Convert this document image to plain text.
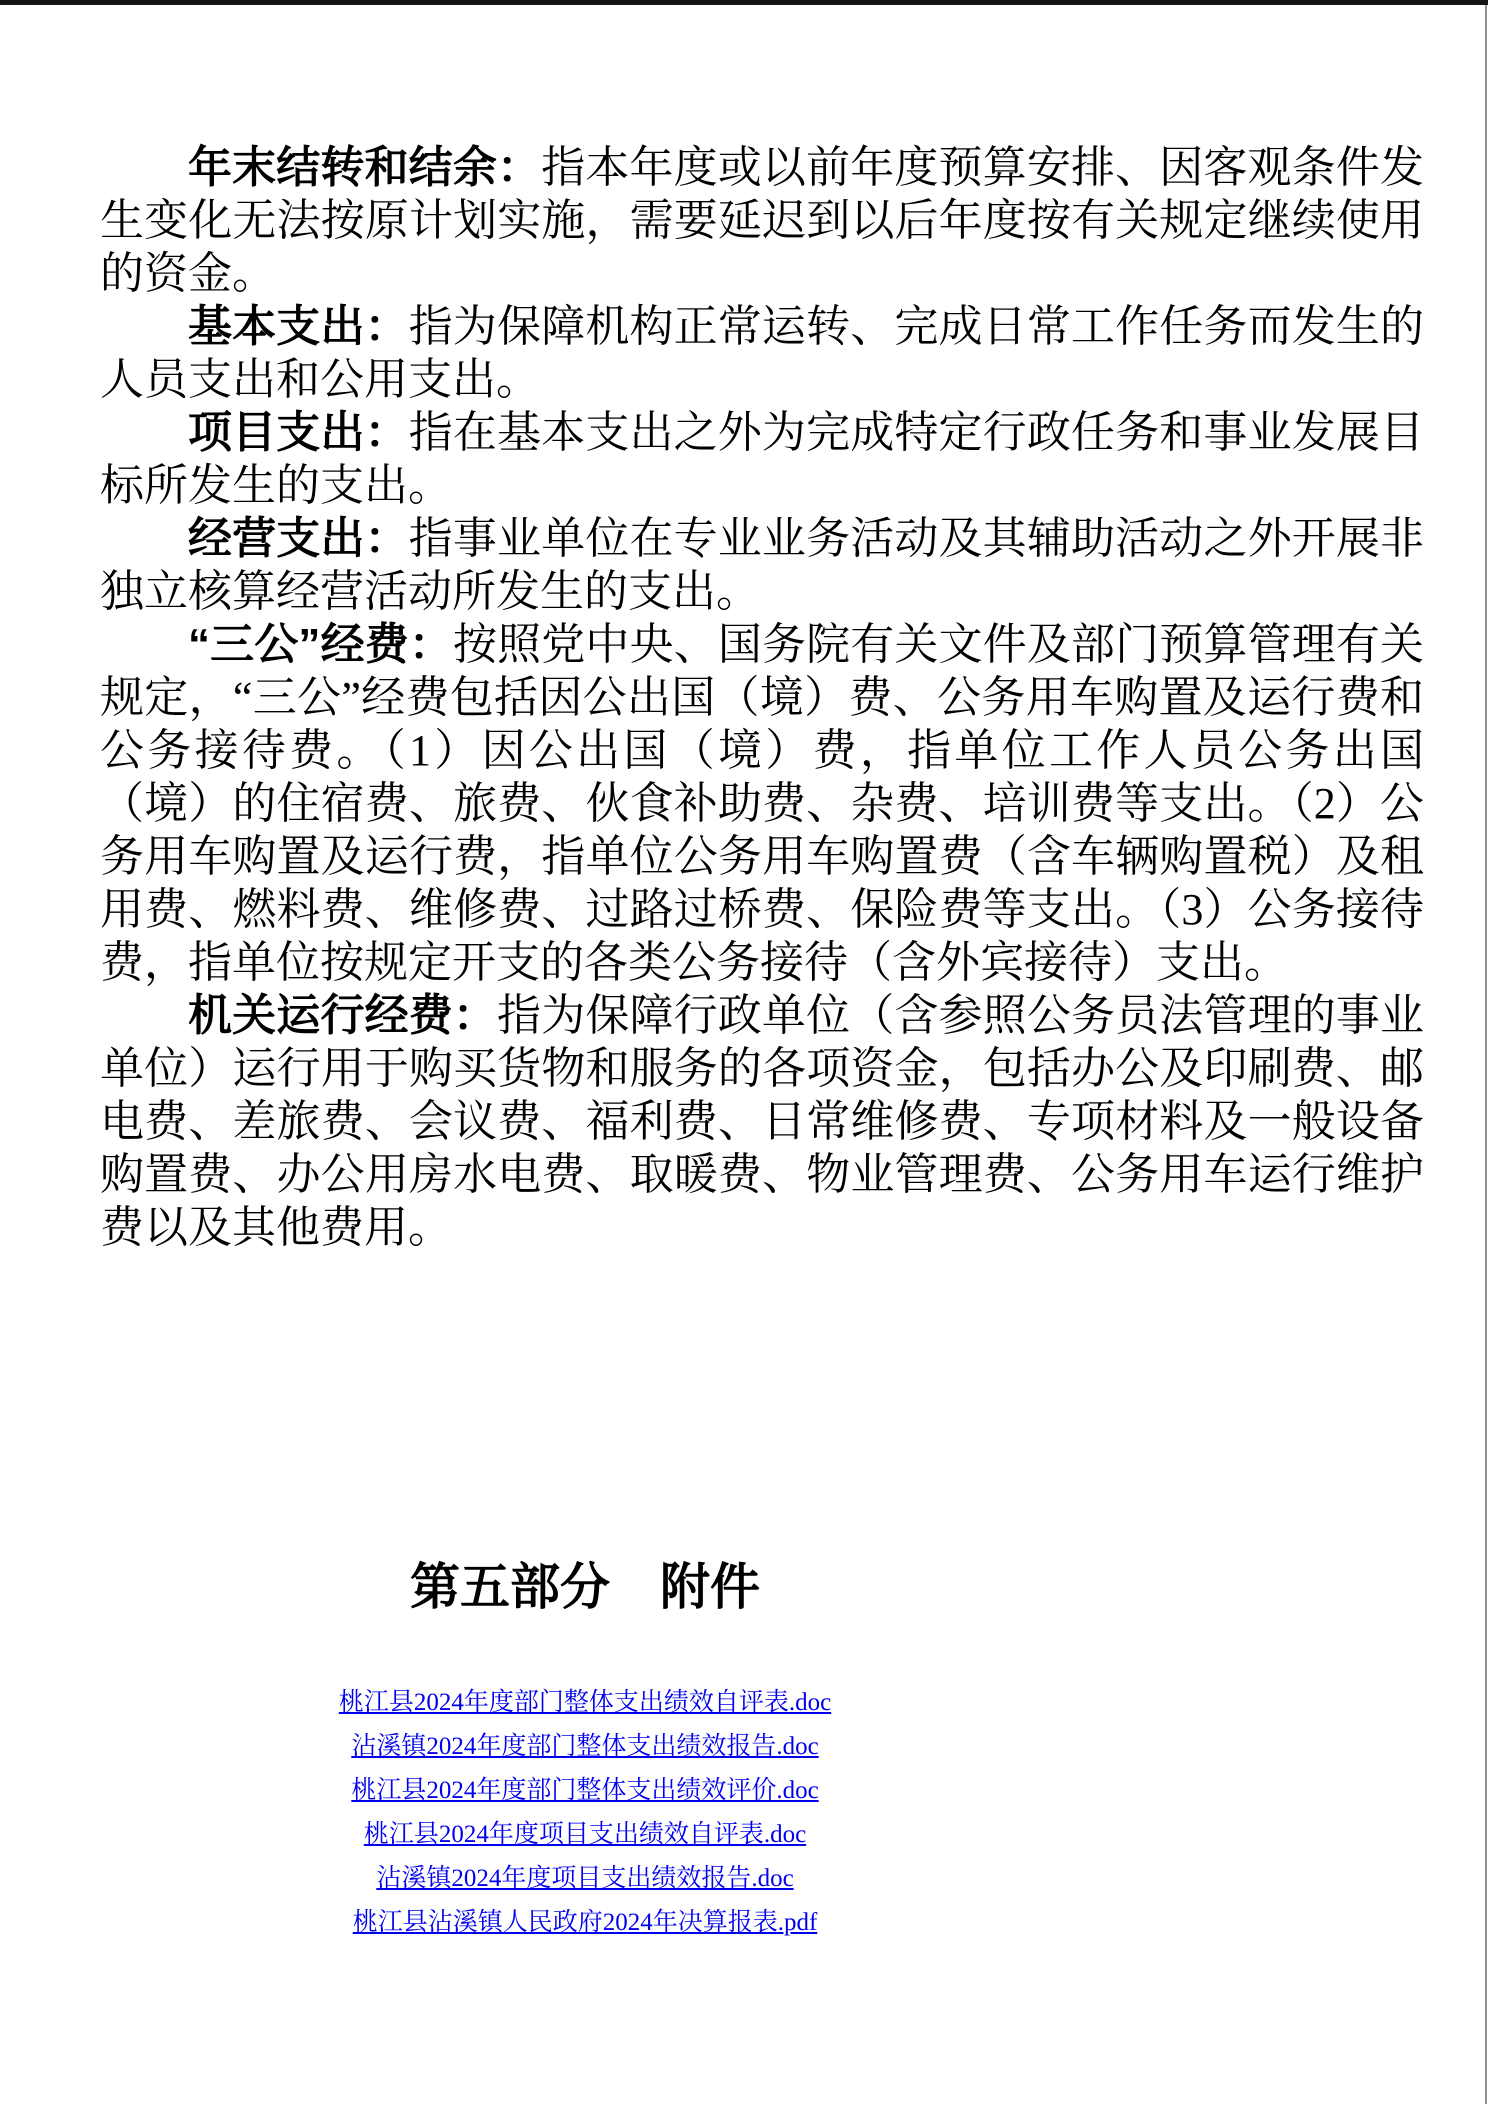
年末结转和结余：指本年度或以前年度预算安排、因客观条件发生变化无法按原计划实施，需要延迟到以后年度按有关规定继续使用的资金。

基本支出：指为保障机构正常运转、完成日常工作任务而发生的人员支出和公用支出。

项目支出：指在基本支出之外为完成特定行政任务和事业发展目标所发生的支出。

经营支出：指事业单位在专业业务活动及其辅助活动之外开展非独立核算经营活动所发生的支出。

“三公”经费：按照党中央、国务院有关文件及部门预算管理有关规定，“三公”经费包括因公出国（境）费、公务用车购置及运行费和公务接待费。（1）因公出国（境）费，指单位工作人员公务出国（境）的住宿费、旅费、伙食补助费、杂费、培训费等支出。（2）公务用车购置及运行费，指单位公务用车购置费（含车辆购置税）及租用费、燃料费、维修费、过路过桥费、保险费等支出。（3）公务接待费，指单位按规定开支的各类公务接待（含外宾接待）支出。

机关运行经费：指为保障行政单位（含参照公务员法管理的事业单位）运行用于购买货物和服务的各项资金，包括办公及印刷费、邮电费、差旅费、会议费、福利费、日常维修费、专项材料及一般设备购置费、办公用房水电费、取暖费、物业管理费、公务用车运行维护费以及其他费用。

第五部分　附件
桃江县2024年度部门整体支出绩效自评表.doc
沾溪镇2024年度部门整体支出绩效报告.doc
桃江县2024年度部门整体支出绩效评价.doc
桃江县2024年度项目支出绩效自评表.doc
沾溪镇2024年度项目支出绩效报告.doc
桃江县沾溪镇人民政府2024年决算报表.pdf
